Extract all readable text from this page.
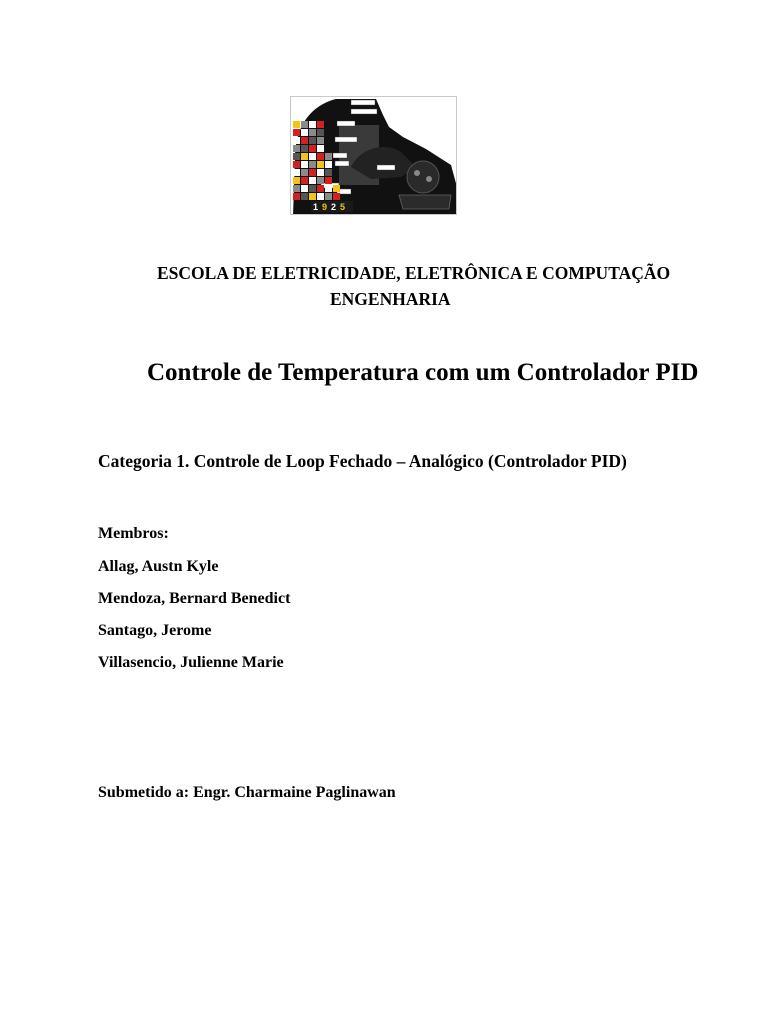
1 9 2 5
ESCOLA DE ELETRICIDADE, ELETRÔNICA E COMPUTAÇÃO
ENGENHARIA
Controle de Temperatura com um Controlador PID
Categoria 1. Controle de Loop Fechado – Analógico (Controlador PID)
Membros:
Allag, Austn Kyle
Mendoza, Bernard Benedict
Santago, Jerome
Villasencio, Julienne Marie
Submetido a: Engr. Charmaine Paglinawan
